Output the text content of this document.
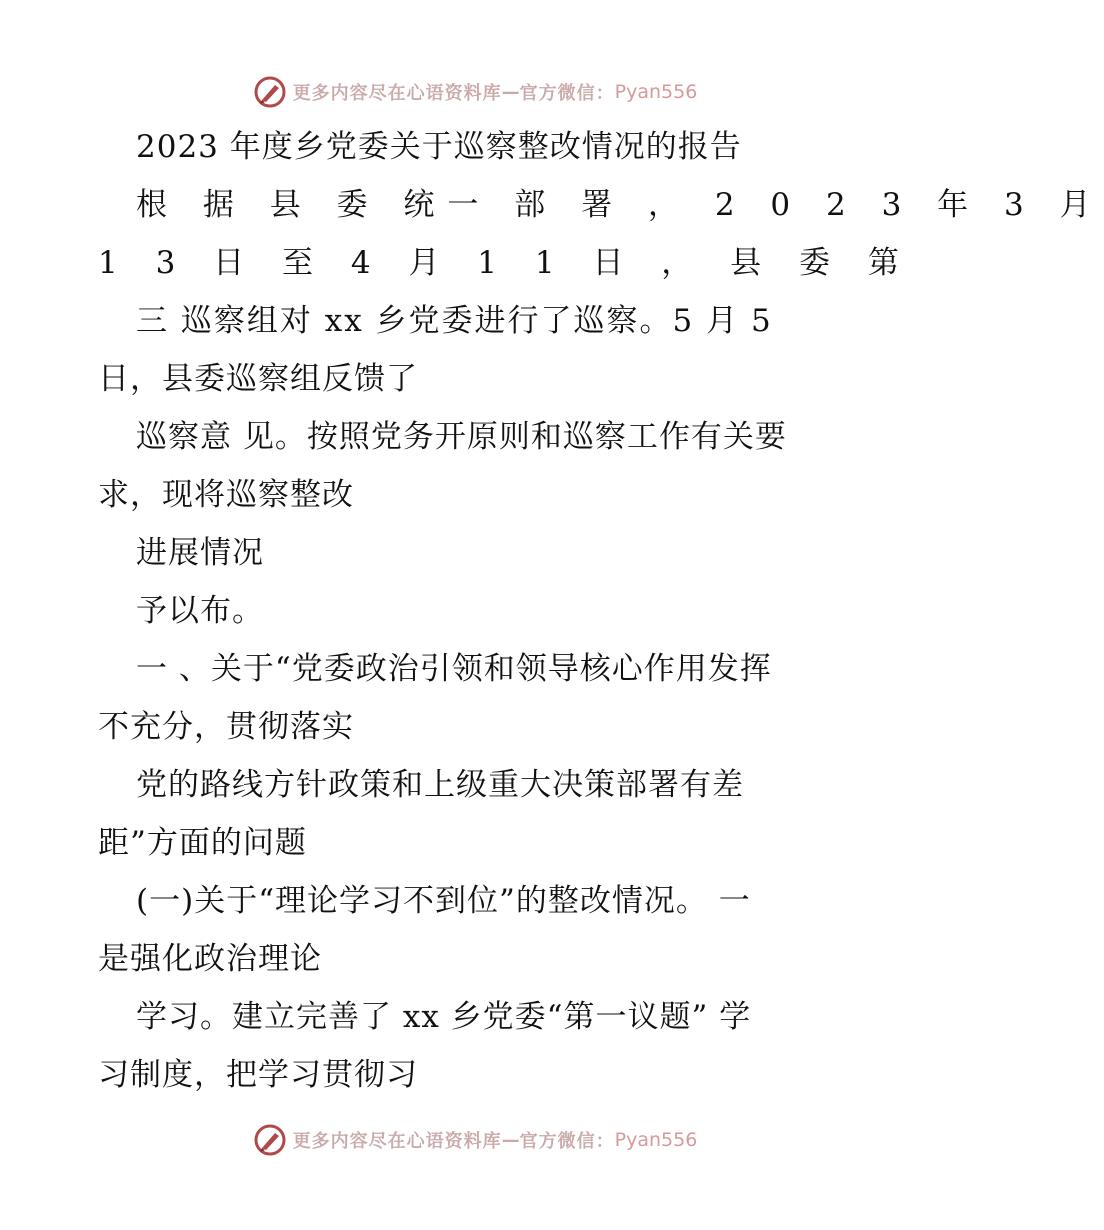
更多内容尽在心语资料库 — 官方微信： Pyan556
2023 年度乡党委关于巡察整改情况的报告
根 据 县 委 统一 部 署 ， 2 0 2 3 年 3 月
1 3 日 至 4 月 1 1 日 ， 县 委 第
三 巡察组对 xx 乡党委进行了巡察。5 月 5
日，县委巡察组反馈了
巡察意 见。按照党务开原则和巡察工作有关要
求，现将巡察整改
进展情况
予以布。
一 、关于“党委政治引领和领导核心作用发挥
不充分，贯彻落实
党的路线方针政策和上级重大决策部署有差
距”方面的问题
(一)关于“理论学习不到位”的整改情况。 一
是强化政治理论
学习。建立完善了 xx 乡党委“第一议题” 学
习制度，把学习贯彻习
更多内容尽在心语资料库 — 官方微信： Pyan556
